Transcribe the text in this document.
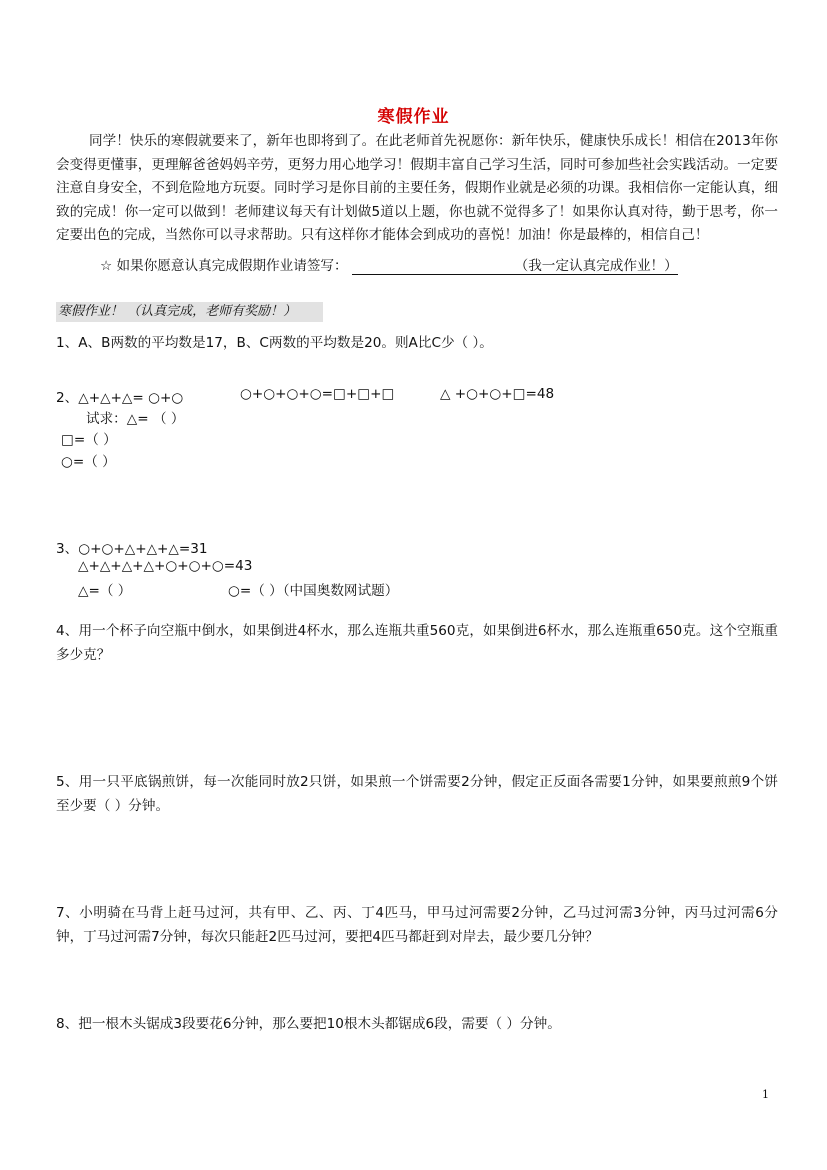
寒假作业

同学！快乐的寒假就要来了，新年也即将到了。在此老师首先祝愿你：新年快乐，健康快乐成长！相信在2013年你会变得更懂事，更理解爸爸妈妈辛劳，更努力用心地学习！假期丰富自己学习生活，同时可参加些社会实践活动。一定要注意自身安全，不到危险地方玩耍。同时学习是你目前的主要任务，假期作业就是必须的功课。我相信你一定能认真，细致的完成！你一定可以做到！老师建议每天有计划做5道以上题，你也就不觉得多了！如果你认真对待，勤于思考，你一定要出色的完成，当然你可以寻求帮助。只有这样你才能体会到成功的喜悦！加油！你是最棒的，相信自己！

☆ 如果你愿意认真完成假期作业请签写：	（我一定认真完成作业！）
寒假作业！ （认真完成，老师有奖励！）
1、A、B两数的平均数是17，B、C两数的平均数是20。则A比C少（ ）。
2、△+△+△= ○+○	○+○+○+○=□+□+□	△ +○+○+□=48
试求：△= （ ）
□=（ ）
○=（ ）
3、○+○+△+△+△=31
△+△+△+△+○+○+○=43
△=（ ）	○=（ ）（中国奥数网试题）
4、用一个杯子向空瓶中倒水，如果倒进4杯水，那么连瓶共重560克，如果倒进6杯水，那么连瓶重650克。这个空瓶重多少克？
5、用一只平底锅煎饼，每一次能同时放2只饼，如果煎一个饼需要2分钟，假定正反面各需要1分钟，如果要煎煎9个饼至少要（ ）分钟。
7、小明骑在马背上赶马过河，共有甲、乙、丙、丁4匹马，甲马过河需要2分钟，乙马过河需3分钟，丙马过河需6分钟，丁马过河需7分钟，每次只能赶2匹马过河，要把4匹马都赶到对岸去，最少要几分钟？
8、把一根木头锯成3段要花6分钟，那么要把10根木头都锯成6段，需要（ ）分钟。
1
